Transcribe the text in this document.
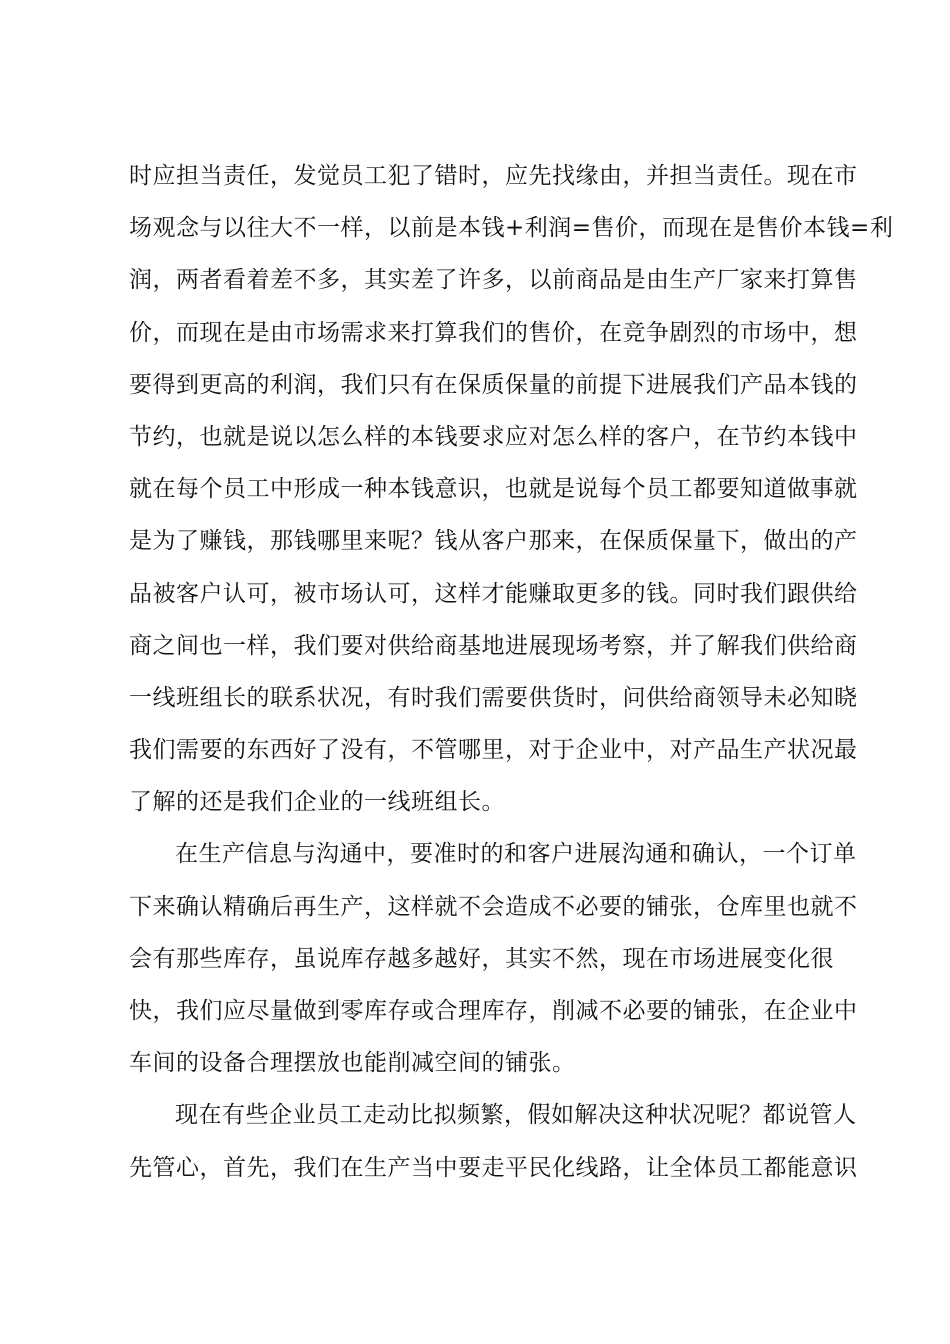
时应担当责任，发觉员工犯了错时，应先找缘由，并担当责任。现在市
场观念与以往大不一样，以前是本钱+利润=售价，而现在是售价本钱=利
润，两者看着差不多，其实差了许多，以前商品是由生产厂家来打算售
价，而现在是由市场需求来打算我们的售价，在竞争剧烈的市场中，想
要得到更高的利润，我们只有在保质保量的前提下进展我们产品本钱的
节约，也就是说以怎么样的本钱要求应对怎么样的客户，在节约本钱中
就在每个员工中形成一种本钱意识，也就是说每个员工都要知道做事就
是为了赚钱，那钱哪里来呢？钱从客户那来，在保质保量下，做出的产
品被客户认可，被市场认可，这样才能赚取更多的钱。同时我们跟供给
商之间也一样，我们要对供给商基地进展现场考察，并了解我们供给商
一线班组长的联系状况，有时我们需要供货时，问供给商领导未必知晓
我们需要的东西好了没有，不管哪里，对于企业中，对产品生产状况最
了解的还是我们企业的一线班组长。
在生产信息与沟通中，要准时的和客户进展沟通和确认，一个订单
下来确认精确后再生产，这样就不会造成不必要的铺张，仓库里也就不
会有那些库存，虽说库存越多越好，其实不然，现在市场进展变化很
快，我们应尽量做到零库存或合理库存，削减不必要的铺张，在企业中
车间的设备合理摆放也能削减空间的铺张。
现在有些企业员工走动比拟频繁，假如解决这种状况呢？都说管人
先管心，首先，我们在生产当中要走平民化线路，让全体员工都能意识
